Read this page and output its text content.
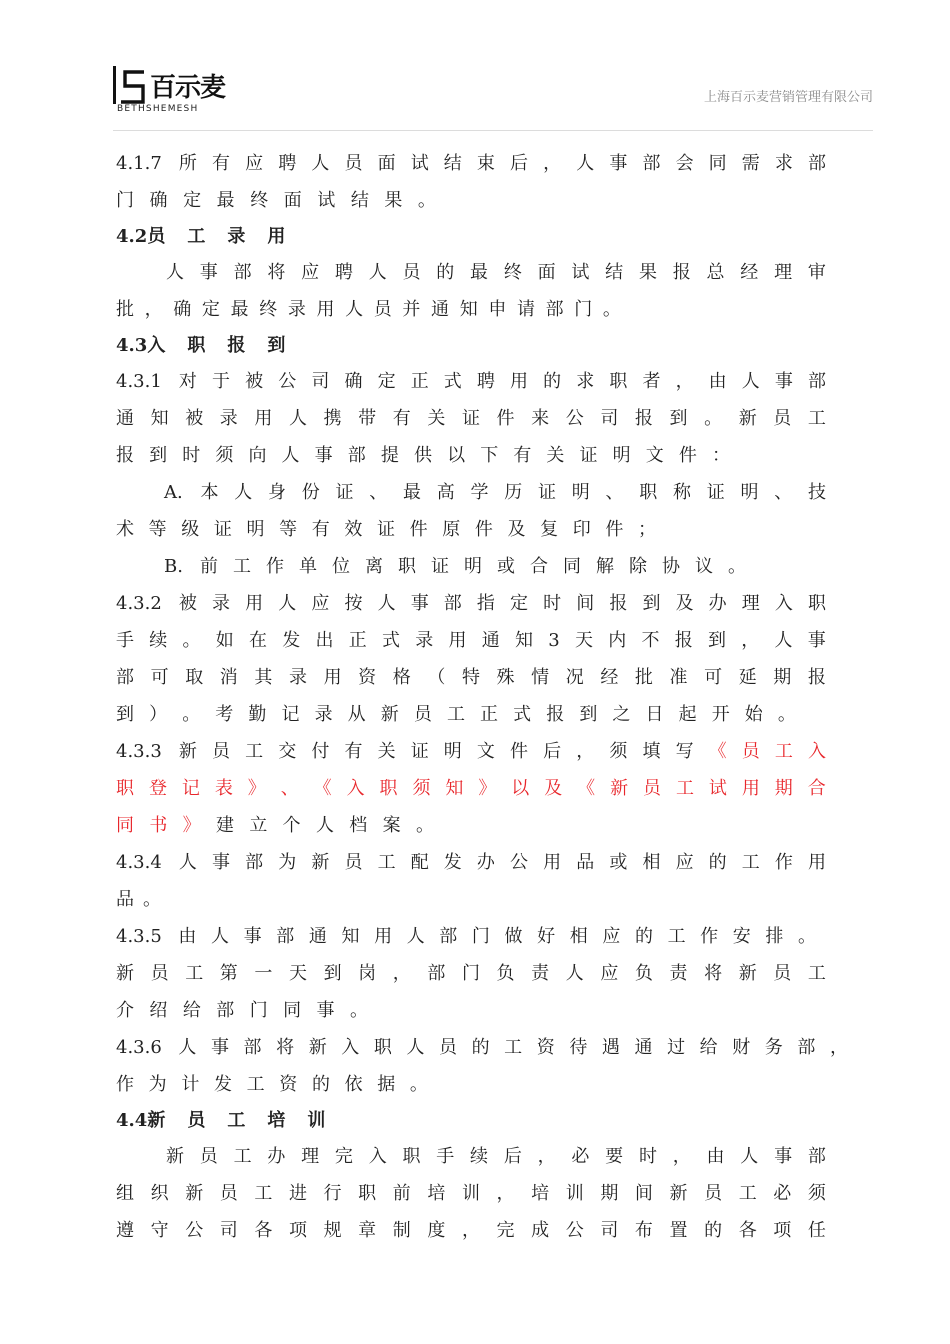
百示麦
BETHSHEMESH
上海百示麦营销管理有限公司
4.1.7 所 有 应 聘 人 员 面 试 结 束 后 ， 人 事 部 会 同 需 求 部
门 确 定 最 终 面 试 结 果 。
4.2 员 工 录 用
人 事 部 将 应 聘 人 员 的 最 终 面 试 结 果 报 总 经 理 审
批 ， 确 定 最 终 录 用 人 员 并 通 知 申 请 部 门 。
4.3 入 职 报 到
4.3.1 对 于 被 公 司 确 定 正 式 聘 用 的 求 职 者 ， 由 人 事 部
通 知 被 录 用 人 携 带 有 关 证 件 来 公 司 报 到 。 新 员 工
报 到 时 须 向 人 事 部 提 供 以 下 有 关 证 明 文 件 ：
A. 本 人 身 份 证 、 最 高 学 历 证 明 、 职 称 证 明 、 技
术 等 级 证 明 等 有 效 证 件 原 件 及 复 印 件 ；
B. 前 工 作 单 位 离 职 证 明 或 合 同 解 除 协 议 。
4.3.2 被 录 用 人 应 按 人 事 部 指 定 时 间 报 到 及 办 理 入 职
手 续 。 如 在 发 出 正 式 录 用 通 知 3 天 内 不 报 到 ， 人 事
部 可 取 消 其 录 用 资 格 （ 特 殊 情 况 经 批 准 可 延 期 报
到 ） 。 考 勤 记 录 从 新 员 工 正 式 报 到 之 日 起 开 始 。
4.3.3 新 员 工 交 付 有 关 证 明 文 件 后 ， 须 填 写 《 员 工 入
职 登 记 表 》 、 《 入 职 须 知 》 以 及 《 新 员 工 试 用 期 合
同 书 》 建 立 个 人 档 案 。
4.3.4 人 事 部 为 新 员 工 配 发 办 公 用 品 或 相 应 的 工 作 用
品 。
4.3.5 由 人 事 部 通 知 用 人 部 门 做 好 相 应 的 工 作 安 排 。
新 员 工 第 一 天 到 岗 ， 部 门 负 责 人 应 负 责 将 新 员 工
介 绍 给 部 门 同 事 。
4.3.6 人 事 部 将 新 入 职 人 员 的 工 资 待 遇 通 过 给 财 务 部 ，
作 为 计 发 工 资 的 依 据 。
4.4 新 员 工 培 训
新 员 工 办 理 完 入 职 手 续 后 ， 必 要 时 ， 由 人 事 部
组 织 新 员 工 进 行 职 前 培 训 ， 培 训 期 间 新 员 工 必 须
遵 守 公 司 各 项 规 章 制 度 ， 完 成 公 司 布 置 的 各 项 任
